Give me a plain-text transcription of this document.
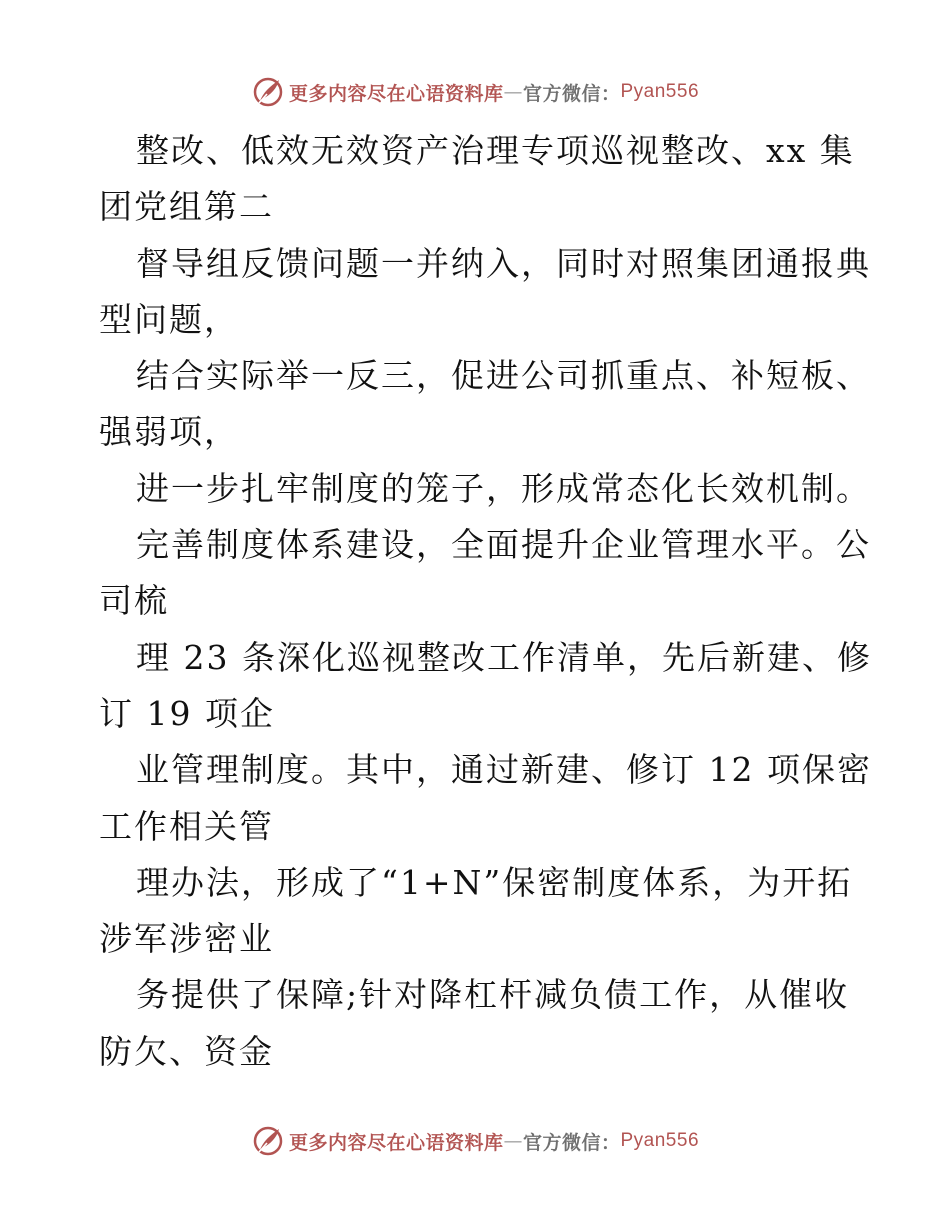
更多内容尽在心语资料库 — 官方微信： Pyan556
整改、低效无效资产治理专项巡视整改、xx 集
团党组第二
督导组反馈问题一并纳入，同时对照集团通报典
型问题，
结合实际举一反三，促进公司抓重点、补短板、
强弱项，
进一步扎牢制度的笼子，形成常态化长效机制。
完善制度体系建设，全面提升企业管理水平。公
司梳
理 23 条深化巡视整改工作清单，先后新建、修
订 19 项企
业管理制度。其中，通过新建、修订 12 项保密
工作相关管
理办法，形成了“1+N”保密制度体系，为开拓
涉军涉密业
务提供了保障;针对降杠杆减负债工作，从催收
防欠、资金
更多内容尽在心语资料库 — 官方微信： Pyan556
